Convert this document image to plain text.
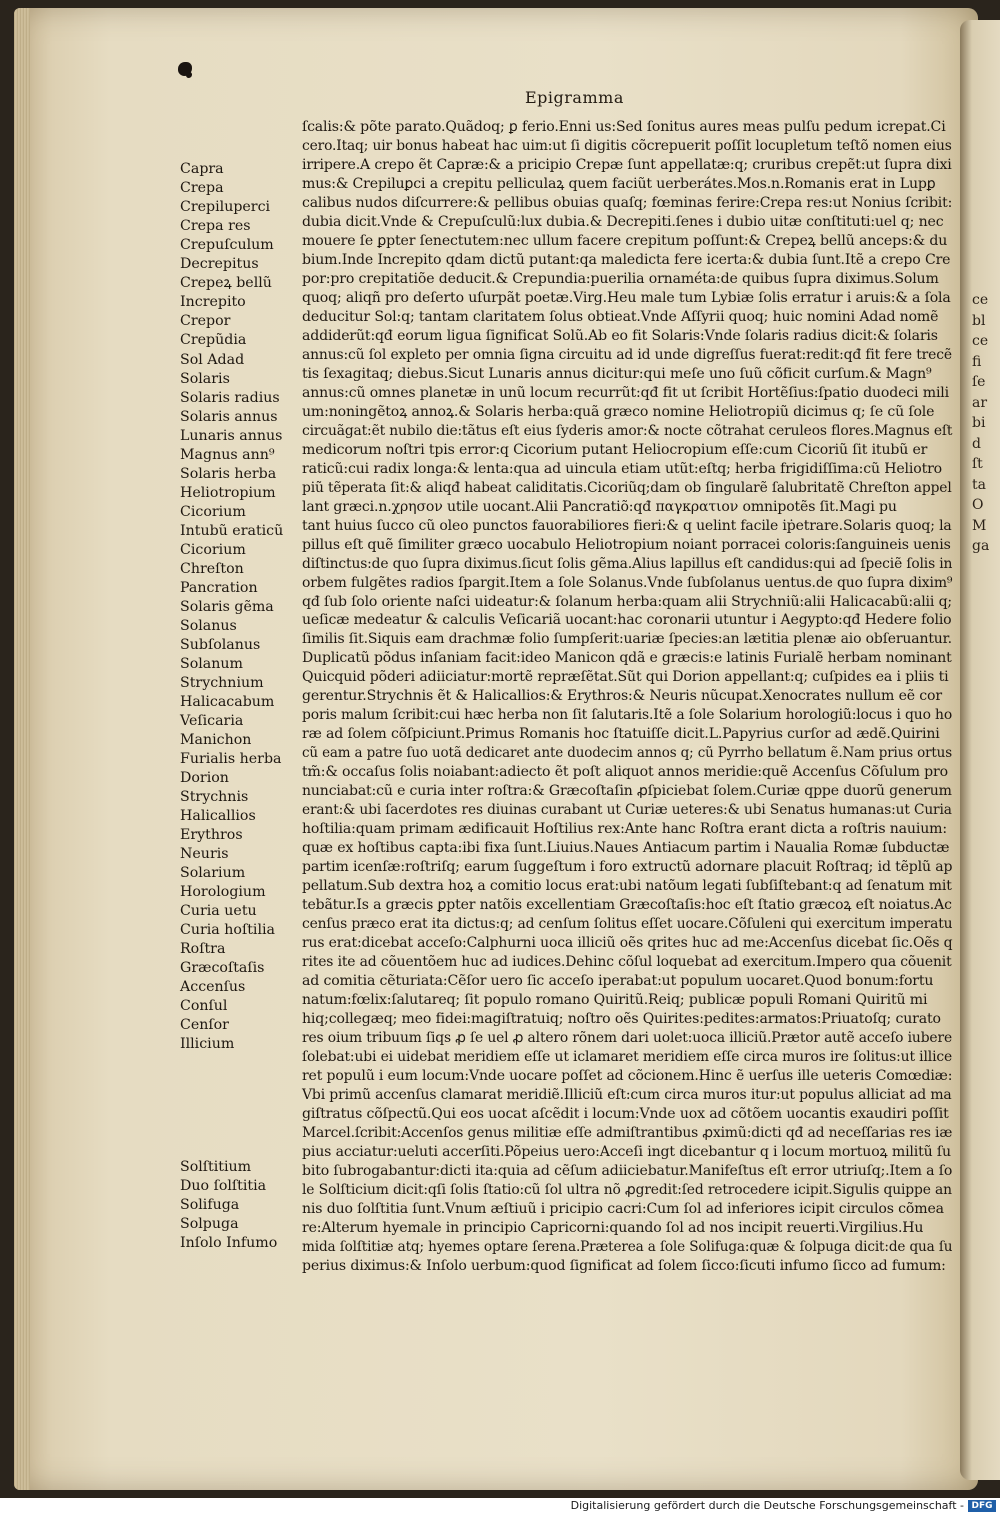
ce
bl
ce
fi
ſe
ar
bi
d
ſt
ta
O
M
ga
Epigramma
Capra
Crepa
Crepiluperci
Crepa res
Crepuſculum
Decrepitus
Crepeꝝ bellũ
Increpito
Crepor
Crepũdia
Sol Adad
Solaris
Solaris radius
Solaris annus
Lunaris annus
Magnus ann⁹
Solaris herba
Heliotropium
Cicorium
Intubũ eraticũ
Cicorium
Chreſton
Pancration
Solaris gẽma
Solanus
Subſolanus
Solanum
Strychnium
Halicacabum
Veſicaria
Manichon
Furialis herba
Dorion
Strychnis
Halicallios
Erythros
Neuris
Solarium
Horologium
Curia uetu
Curia hoſtilia
Roſtra
Græcoſtaſis
Accenſus
Conſul
Cenſor
Illicium
Solſtitium
Duo ſolſtitia
Solifuga
Solpuga
Inſolo Infumo
ſcalis:& põte parato.Quãdoq; ꝑ ferio.Enni us:Sed ſonitus aures meas pulſu pedum icrepat.Ci
cero.Itaq; uir bonus habeat hac uim:ut ſi digitis cõcrepuerit poſſit locupletum teſtõ nomen eius
irripere.A crepo ẽt Capræ:& a pricipio Crepæ ſunt appellatæ:q; cruribus crepẽt:ut ſupra dixi
mus:& Crepiluꝑci a crepitu pelliculaꝝ quem faciũt uerberátes.Mos.n.Romanis erat in Lupꝑ
calibus nudos diſcurrere:& pellibus obuias quaſq; fœminas ferire:Crepa res:ut Nonius ſcribit:
dubia dicit.Vnde & Crepuſculũ:lux dubia.& Decrepiti.ſenes i dubio uitæ conſtituti:uel q; nec
mouere ſe ꝑpter ſenectutem:nec ullum facere crepitum poſſunt:& Crepeꝝ bellũ anceps:& du
bium.Inde Increpito qdam dictũ putant:qa maledicta fere icerta:& dubia ſunt.Itẽ a crepo Cre
por:pro crepitatiõe deducit.& Crepundia:puerilia ornaméta:de quibus ſupra diximus.Solum
quoq; aliqñ pro deſerto uſurpãt poetæ.Virg.Heu male tum Lybiæ ſolis erratur i aruis:& a ſola
deducitur Sol:q; tantam claritatem ſolus obtieat.Vnde Aſſyrii quoq; huic nomini Adad nomẽ
addiderũt:qđ eorum ligua ſignificat Solũ.Ab eo fit Solaris:Vnde ſolaris radius dicit:& ſolaris
annus:cũ ſol expleto per omnia ſigna circuitu ad id unde digreſſus fuerat:redit:qđ fit fere trecẽ
tis ſexagitaq; diebus.Sicut Lunaris annus dicitur:qui meſe uno ſuũ cõficit curſum.& Magn⁹
annus:cũ omnes planetæ in unũ locum recurrũt:qđ fit ut ſcribit Hortẽſius:ſpatio duodeci mili
um:noningẽtoꝝ annoꝝ.& Solaris herba:quã græco nomine Heliotropiũ dicimus q; ſe cũ ſole
circuãgat:ẽt nubilo die:tãtus eſt eius ſyderis amor:& nocte cõtrahat ceruleos flores.Magnus eſt
medicorum noſtri tpis error:q Cicorium putant Heliocropium eſſe:cum Cicoriũ ſit itubũ er
raticũ:cui radix longa:& lenta:qua ad uincula etiam utũt:eſtq; herba frigidiſſima:cũ Heliotro
piũ tẽperata ſit:& aliqđ habeat caliditatis.Cicoriũq;dam ob ſingularẽ ſalubritatẽ Chreſton appel
lant græci.n.χρησον utile uocant.Alii Pancratiõ:qđ παγκρατιον omnipotẽs ſit.Magi pu
tant huius ſucco cũ oleo punctos fauorabiliores fieri:& q uelint facile iṗetrare.Solaris quoq; la
pillus eſt quẽ ſimiliter græco uocabulo Heliotropium noiant porracei coloris:ſanguineis uenis
diſtinctus:de quo ſupra diximus.ſicut ſolis gẽma.Alius lapillus eſt candidus:qui ad ſpeciẽ ſolis in
orbem fulgẽtes radios ſpargit.Item a ſole Solanus.Vnde ſubſolanus uentus.de quo ſupra dixim⁹
qđ ſub ſolo oriente naſci uideatur:& ſolanum herba:quam alii Strychniũ:alii Halicacabũ:alii q;
ueſicæ medeatur & calculis Veſicariã uocant:hac coronarii utuntur i Aegypto:qđ Hedere folio
ſimilis ſit.Siquis eam drachmæ folio ſumpſerit:uariæ ſpecies:an lætitia plenæ aio obſeruantur.
Duplicatũ põdus inſaniam facit:ideo Manicon qdã e græcis:e latinis Furialẽ herbam nominant
Quicquid põderi adiiciatur:mortẽ repræſẽtat.Sũt qui Dorion appellant:q; cuſpides ea i pliis ti
gerentur.Strychnis ẽt & Halicallios:& Erythros:& Neuris nũcupat.Xenocrates nullum eẽ cor
poris malum ſcribit:cui hæc herba non ſit ſalutaris.Itẽ a ſole Solarium horologiũ:locus i quo ho
ræ ad ſolem cõſpiciunt.Primus Romanis hoc ſtatuiſſe dicit.L.Papyrius curſor ad ædẽ.Quirini
cũ eam a patre ſuo uotã dedicaret ante duodecim annos q; cũ Pyrrho bellatum ẽ.Nam prius ortus
tm̃:& occaſus ſolis noiabant:adiecto ẽt poſt aliquot annos meridie:quẽ Accenſus Cõſulum pro
nunciabat:cũ e curia inter roſtra:& Græcoſtaſin ꝓſpiciebat ſolem.Curiæ qppe duorũ generum
erant:& ubi ſacerdotes res diuinas curabant ut Curiæ ueteres:& ubi Senatus humanas:ut Curia
hoſtilia:quam primam ædificauit Hoſtilius rex:Ante hanc Roſtra erant dicta a roſtris nauium:
quæ ex hoſtibus capta:ibi fixa ſunt.Liuius.Naues Antiacum partim i Naualia Romæ ſubductæ
partim icenſæ:roſtriſq; earum ſuggeſtum i foro extructũ adornare placuit Roſtraq; id tẽplũ ap
pellatum.Sub dextra hoꝝ a comitio locus erat:ubi natõum legati ſubſiſtebant:q ad ſenatum mit
tebãtur.Is a græcis ꝑpter natõis excellentiam Græcoſtaſis:hoc eſt ſtatio græcoꝝ eſt noiatus.Ac
cenſus præco erat ita dictus:q; ad cenſum ſolitus eſſet uocare.Cõſuleni qui exercitum imperatu
rus erat:dicebat acceſo:Calphurni uoca illiciũ oẽs qrites huc ad me:Accenſus dicebat ſic.Oẽs q
rites ite ad cõuentõem huc ad iudices.Dehinc cõſul loquebat ad exercitum.Impero qua cõuenit
ad comitia cẽturiata:Cẽſor uero ſic acceſo iperabat:ut populum uocaret.Quod bonum:fortu
natum:fœlix:ſalutareq; ſit populo romano Quiritũ.Reiq; publicæ populi Romani Quiritũ mi
hiq;collegæq; meo fidei:magiſtratuiq; noſtro oẽs Quirites:pedites:armatos:Priuatoſq; curato
res oium tribuum ſiqs ꝓ ſe uel ꝓ altero rõnem dari uolet:uoca illiciũ.Prætor autẽ acceſo iubere
ſolebat:ubi ei uidebat meridiem eſſe ut iclamaret meridiem eſſe circa muros ire ſolitus:ut illice
ret populũ i eum locum:Vnde uocare poſſet ad cõcionem.Hinc ẽ uerſus ille ueteris Comœdiæ:
Vbi primũ accenſus clamarat meridiẽ.Illiciũ eſt:cum circa muros itur:ut populus alliciat ad ma
giſtratus cõſpectũ.Qui eos uocat aſcẽdit i locum:Vnde uox ad cõtõem uocantis exaudiri poſſit
Marcel.ſcribit:Accenſos genus militiæ eſſe admiſtrantibus ꝓximũ:dicti qđ ad neceſſarias res iæ
pius acciatur:ueluti accerſiti.Põpeius uero:Acceſi ingt dicebantur q i locum mortuoꝝ militũ ſu
bito ſubrogabantur:dicti ita:quia ad cẽſum adiiciebatur.Manifeſtus eſt error utriuſq;.Item a ſo
le Solſticium dicit:qſi ſolis ſtatio:cũ ſol ultra nõ ꝓgredit:ſed retrocedere icipit.Sigulis quippe an
nis duo ſolſtitia ſunt.Vnum æſtiuũ i pricipio cacri:Cum ſol ad inferiores icipit circulos cõmea
re:Alterum hyemale in principio Capricorni:quando ſol ad nos incipit reuerti.Virgilius.Hu
mida ſolſtitiæ atq; hyemes optare ſerena.Præterea a ſole Solifuga:quæ & ſolpuga dicit:de qua ſu
perius diximus:& Inſolo uerbum:quod ſignificat ad ſolem ſicco:ſicuti infumo ſicco ad fumum:
Digitalisierung gefördert durch die Deutsche Forschungsgemeinschaft - DFG
